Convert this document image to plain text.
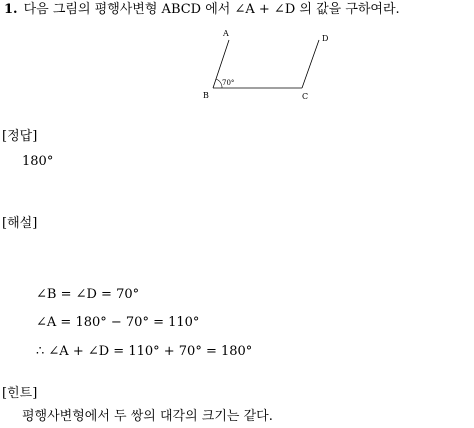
1. 다음 그림의 평행사변형 ABCD 에서 ∠A + ∠D 의 값을 구하여라.
A
B	C
D
70°
[정답]
180°
[해설]
∠B = ∠D = 70°
∠A = 180° − 70° = 110°
∴ ∠A + ∠D = 110° + 70° = 180°
[힌트]
평행사변형에서 두 쌍의 대각의 크기는 같다.
